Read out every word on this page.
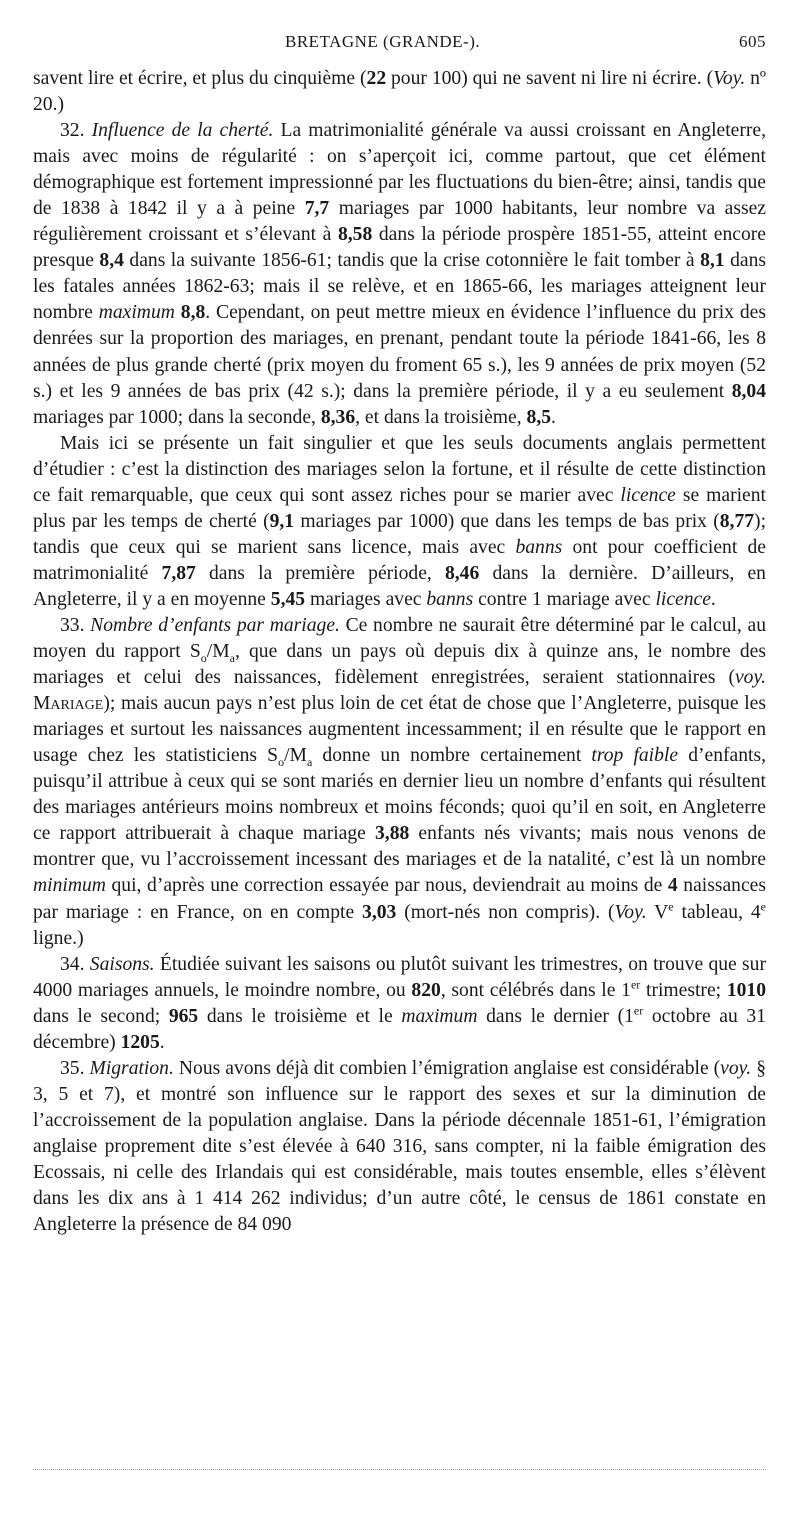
BRETAGNE (GRANDE-).	605

savent lire et écrire, et plus du cinquième (22 pour 100) qui ne savent ni lire ni écrire. (Voy. nº 20.)

32. Influence de la cherté. La matrimonialité générale va aussi croissant en Angleterre, mais avec moins de régularité : on s’aperçoit ici, comme partout, que cet élément démographique est fortement impressionné par les fluctuations du bien-être; ainsi, tandis que de 1838 à 1842 il y a à peine 7,7 mariages par 1000 habitants, leur nombre va assez régulièrement croissant et s’élevant à 8,58 dans la période prospère 1851-55, atteint encore presque 8,4 dans la suivante 1856-61; tandis que la crise cotonnière le fait tomber à 8,1 dans les fatales années 1862-63; mais il se relève, et en 1865-66, les mariages atteignent leur nombre maximum 8,8. Cependant, on peut mettre mieux en évidence l’influence du prix des denrées sur la proportion des mariages, en prenant, pendant toute la période 1841-66, les 8 années de plus grande cherté (prix moyen du froment 65 s.), les 9 années de prix moyen (52 s.) et les 9 années de bas prix (42 s.); dans la première période, il y a eu seulement 8,04 mariages par 1000; dans la seconde, 8,36, et dans la troisième, 8,5.

Mais ici se présente un fait singulier et que les seuls documents anglais permettent d’étudier : c’est la distinction des mariages selon la fortune, et il résulte de cette distinction ce fait remarquable, que ceux qui sont assez riches pour se marier avec licence se marient plus par les temps de cherté (9,1 mariages par 1000) que dans les temps de bas prix (8,77); tandis que ceux qui se marient sans licence, mais avec banns ont pour coefficient de matrimonialité 7,87 dans la première période, 8,46 dans la dernière. D’ailleurs, en Angleterre, il y a en moyenne 5,45 mariages avec banns contre 1 mariage avec licence.

33. Nombre d’enfants par mariage. Ce nombre ne saurait être déterminé par le calcul, au moyen du rapport $S_o/M_a$, que dans un pays où depuis dix à quinze ans, le nombre des mariages et celui des naissances, fidèlement enregistrées, seraient stationnaires (voy. Mariage); mais aucun pays n’est plus loin de cet état de chose que l’Angleterre, puisque les mariages et surtout les naissances augmentent incessamment; il en résulte que le rapport en usage chez les statisticiens $S_o/M_a$ donne un nombre certainement trop faible d’enfants, puisqu’il attribue à ceux qui se sont mariés en dernier lieu un nombre d’enfants qui résultent des mariages antérieurs moins nombreux et moins féconds; quoi qu’il en soit, en Angleterre ce rapport attribuerait à chaque mariage 3,88 enfants nés vivants; mais nous venons de montrer que, vu l’accroissement incessant des mariages et de la natalité, c’est là un nombre minimum qui, d’après une correction essayée par nous, deviendrait au moins de 4 naissances par mariage : en France, on en compte 3,03 (mort-nés non compris). (Voy. Ve tableau, 4e ligne.)

34. Saisons. Étudiée suivant les saisons ou plutôt suivant les trimestres, on trouve que sur 4000 mariages annuels, le moindre nombre, ou 820, sont célébrés dans le 1er trimestre; 1010 dans le second; 965 dans le troisième et le maximum dans le dernier (1er octobre au 31 décembre) 1205.

35. Migration. Nous avons déjà dit combien l’émigration anglaise est considérable (voy. § 3, 5 et 7), et montré son influence sur le rapport des sexes et sur la diminution de l’accroissement de la population anglaise. Dans la période décennale 1851-61, l’émigration anglaise proprement dite s’est élevée à 640 316, sans compter, ni la faible émigration des Ecossais, ni celle des Irlandais qui est considérable, mais toutes ensemble, elles s’élèvent dans les dix ans à 1 414 262 individus; d’un autre côté, le census de 1861 constate en Angleterre la présence de 84 090
